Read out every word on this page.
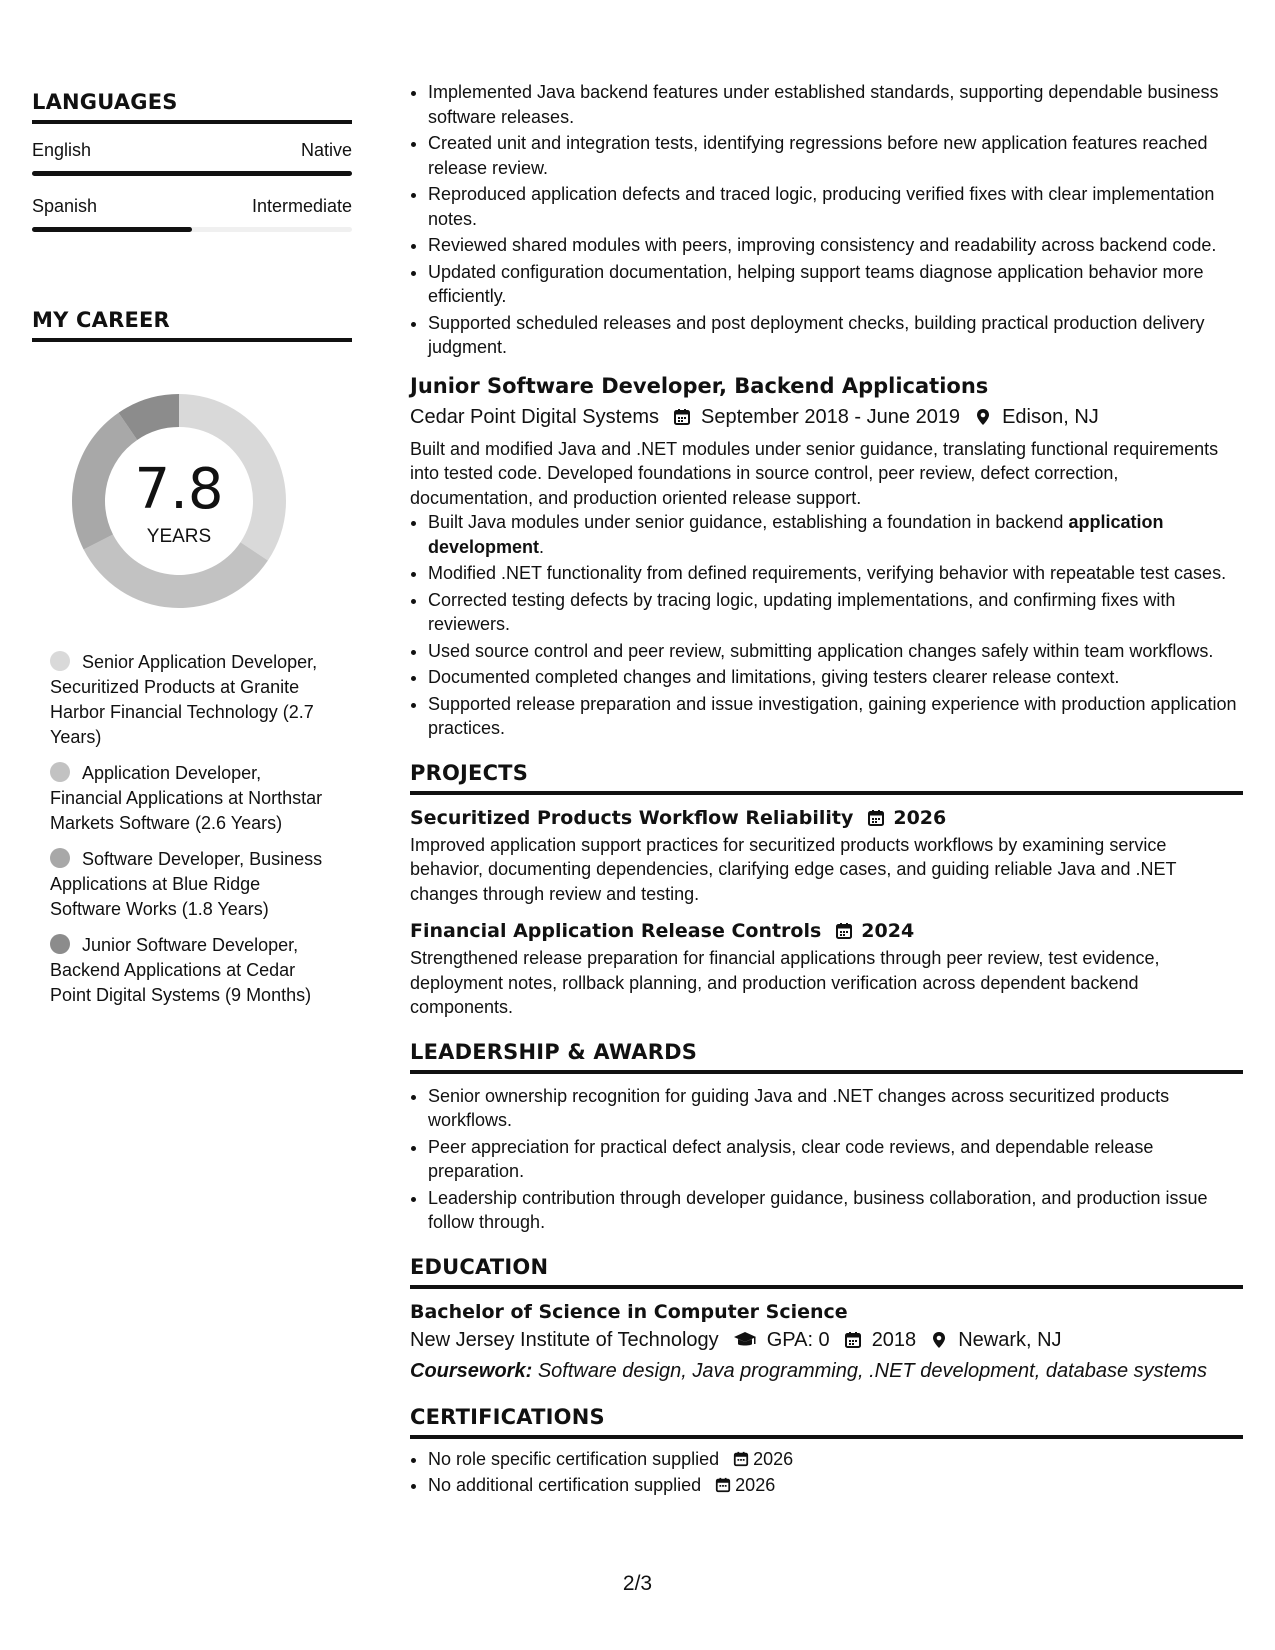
LANGUAGES
English	Native
Spanish	Intermediate
MY CAREER
7.8
YEARS
Senior Application Developer, Securitized Products at Granite Harbor Financial Technology (2.7 Years)
Application Developer, Financial Applications at Northstar Markets Software (2.6 Years)
Software Developer, Business Applications at Blue Ridge Software Works (1.8 Years)
Junior Software Developer, Backend Applications at Cedar Point Digital Systems (9 Months)
• Implemented Java backend features under established standards, supporting dependable business software releases.
• Created unit and integration tests, identifying regressions before new application features reached release review.
• Reproduced application defects and traced logic, producing verified fixes with clear implementation notes.
• Reviewed shared modules with peers, improving consistency and readability across backend code.
• Updated configuration documentation, helping support teams diagnose application behavior more efficiently.
• Supported scheduled releases and post deployment checks, building practical production delivery judgment.
Junior Software Developer, Backend Applications
Cedar Point Digital Systems September 2018 - June 2019 Edison, NJ
Built and modified Java and .NET modules under senior guidance, translating functional requirements into tested code. Developed foundations in source control, peer review, defect correction, documentation, and production oriented release support.
• Built Java modules under senior guidance, establishing a foundation in backend application development.
• Modified .NET functionality from defined requirements, verifying behavior with repeatable test cases.
• Corrected testing defects by tracing logic, updating implementations, and confirming fixes with reviewers.
• Used source control and peer review, submitting application changes safely within team workflows.
• Documented completed changes and limitations, giving testers clearer release context.
• Supported release preparation and issue investigation, gaining experience with production application practices.
PROJECTS
Securitized Products Workflow Reliability 2026
Improved application support practices for securitized products workflows by examining service behavior, documenting dependencies, clarifying edge cases, and guiding reliable Java and .NET changes through review and testing.
Financial Application Release Controls 2024
Strengthened release preparation for financial applications through peer review, test evidence, deployment notes, rollback planning, and production verification across dependent backend components.
LEADERSHIP & AWARDS
• Senior ownership recognition for guiding Java and .NET changes across securitized products workflows.
• Peer appreciation for practical defect analysis, clear code reviews, and dependable release preparation.
• Leadership contribution through developer guidance, business collaboration, and production issue follow through.
EDUCATION
Bachelor of Science in Computer Science
New Jersey Institute of Technology GPA: 0 2018 Newark, NJ
Coursework: Software design, Java programming, .NET development, database systems
CERTIFICATIONS
• No role specific certification supplied 2026
• No additional certification supplied 2026
2/3
